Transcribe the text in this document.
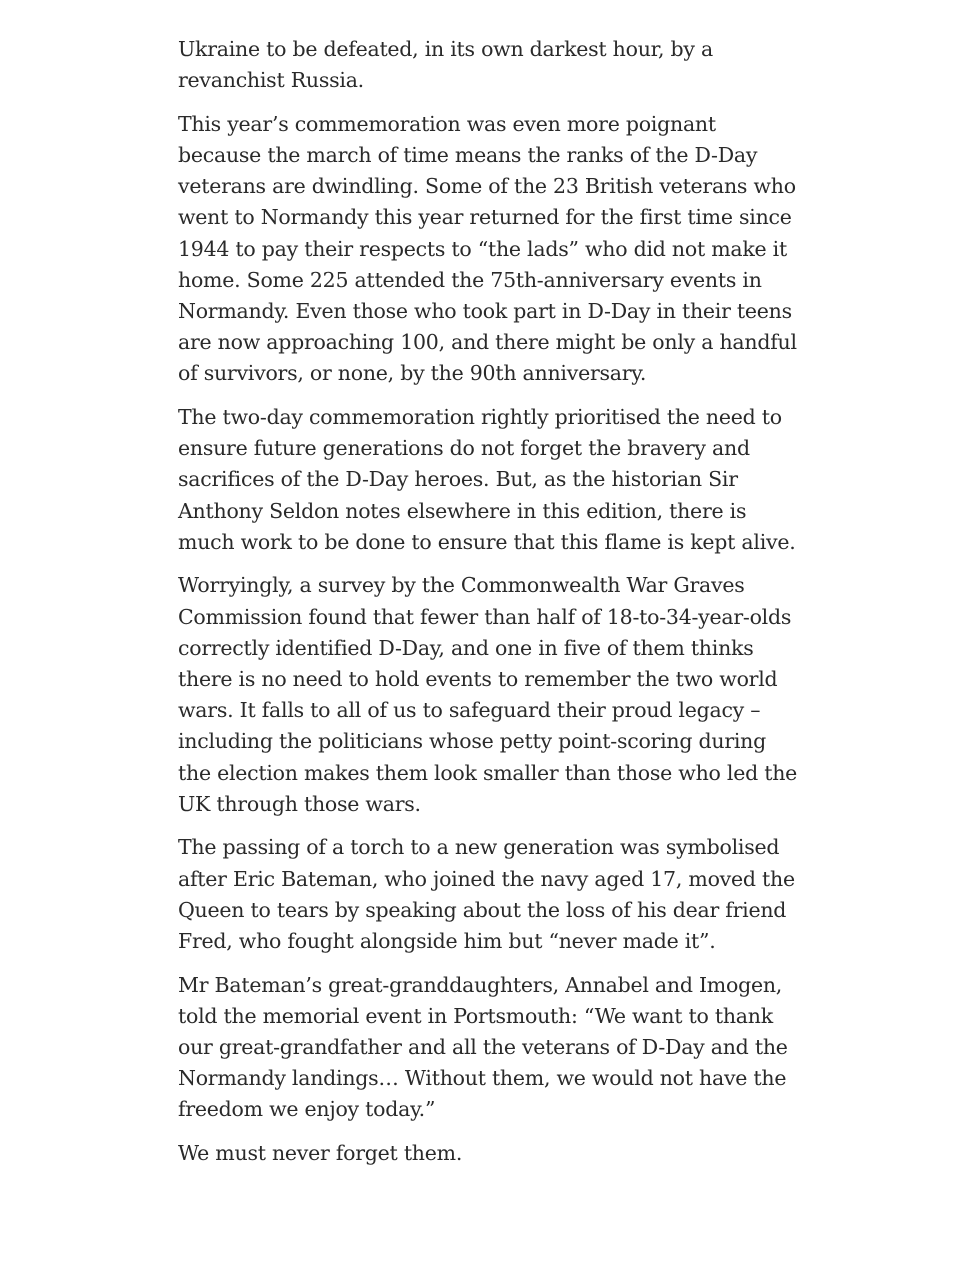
Ukraine to be defeated, in its own darkest hour, by a revanchist Russia.

This year’s commemoration was even more poignant because the march of time means the ranks of the D-Day veterans are dwindling. Some of the 23 British veterans who went to Normandy this year returned for the first time since 1944 to pay their respects to “the lads” who did not make it home. Some 225 attended the 75th-anniversary events in Normandy. Even those who took part in D-Day in their teens are now approaching 100, and there might be only a handful of survivors, or none, by the 90th anniversary.

The two-day commemoration rightly prioritised the need to ensure future generations do not forget the bravery and sacrifices of the D-Day heroes. But, as the historian Sir Anthony Seldon notes elsewhere in this edition, there is much work to be done to ensure that this flame is kept alive.

Worryingly, a survey by the Commonwealth War Graves Commission found that fewer than half of 18-to-34-year-olds correctly identified D-Day, and one in five of them thinks there is no need to hold events to remember the two world wars. It falls to all of us to safeguard their proud legacy – including the politicians whose petty point-scoring during the election makes them look smaller than those who led the UK through those wars.

The passing of a torch to a new generation was symbolised after Eric Bateman, who joined the navy aged 17, moved the Queen to tears by speaking about the loss of his dear friend Fred, who fought alongside him but “never made it”.

Mr Bateman’s great-granddaughters, Annabel and Imogen, told the memorial event in Portsmouth: “We want to thank our great-grandfather and all the veterans of D-Day and the Normandy landings… Without them, we would not have the freedom we enjoy today.”

We must never forget them.
